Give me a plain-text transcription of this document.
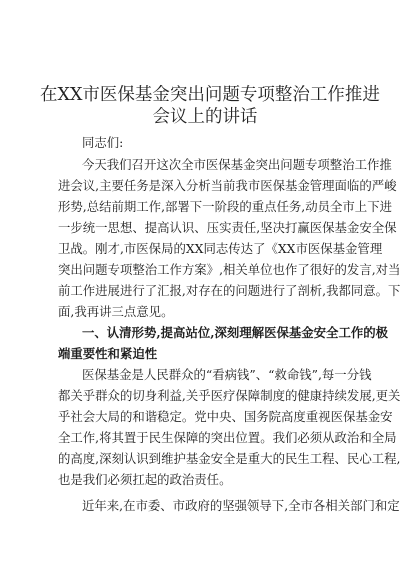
在XX市医保基金突出问题专项整治工作推进
会议上的讲话
同志们:
今天我们召开这次全市医保基金突出问题专项整治工作推
进会议,主要任务是深入分析当前我市医保基金管理面临的严峻
形势,总结前期工作,部署下一阶段的重点任务,动员全市上下进
一步统一思想、提高认识、压实责任,坚决打赢医保基金安全保
卫战。刚才,市医保局的XX同志传达了《XX市医保基金管理
突出问题专项整治工作方案》,相关单位也作了很好的发言,对当
前工作进展进行了汇报,对存在的问题进行了剖析,我都同意。下
面,我再讲三点意见。
一、认清形势,提高站位,深刻理解医保基金安全工作的极
端重要性和紧迫性
医保基金是人民群众的“看病钱”、“救命钱”,每一分钱
都关乎群众的切身利益,关乎医疗保障制度的健康持续发展,更关
乎社会大局的和谐稳定。党中央、国务院高度重视医保基金安
全工作,将其置于民生保障的突出位置。我们必须从政治和全局
的高度,深刻认识到维护基金安全是重大的民生工程、民心工程,
也是我们必须扛起的政治责任。
近年来,在市委、市政府的坚强领导下,全市各相关部门和定
